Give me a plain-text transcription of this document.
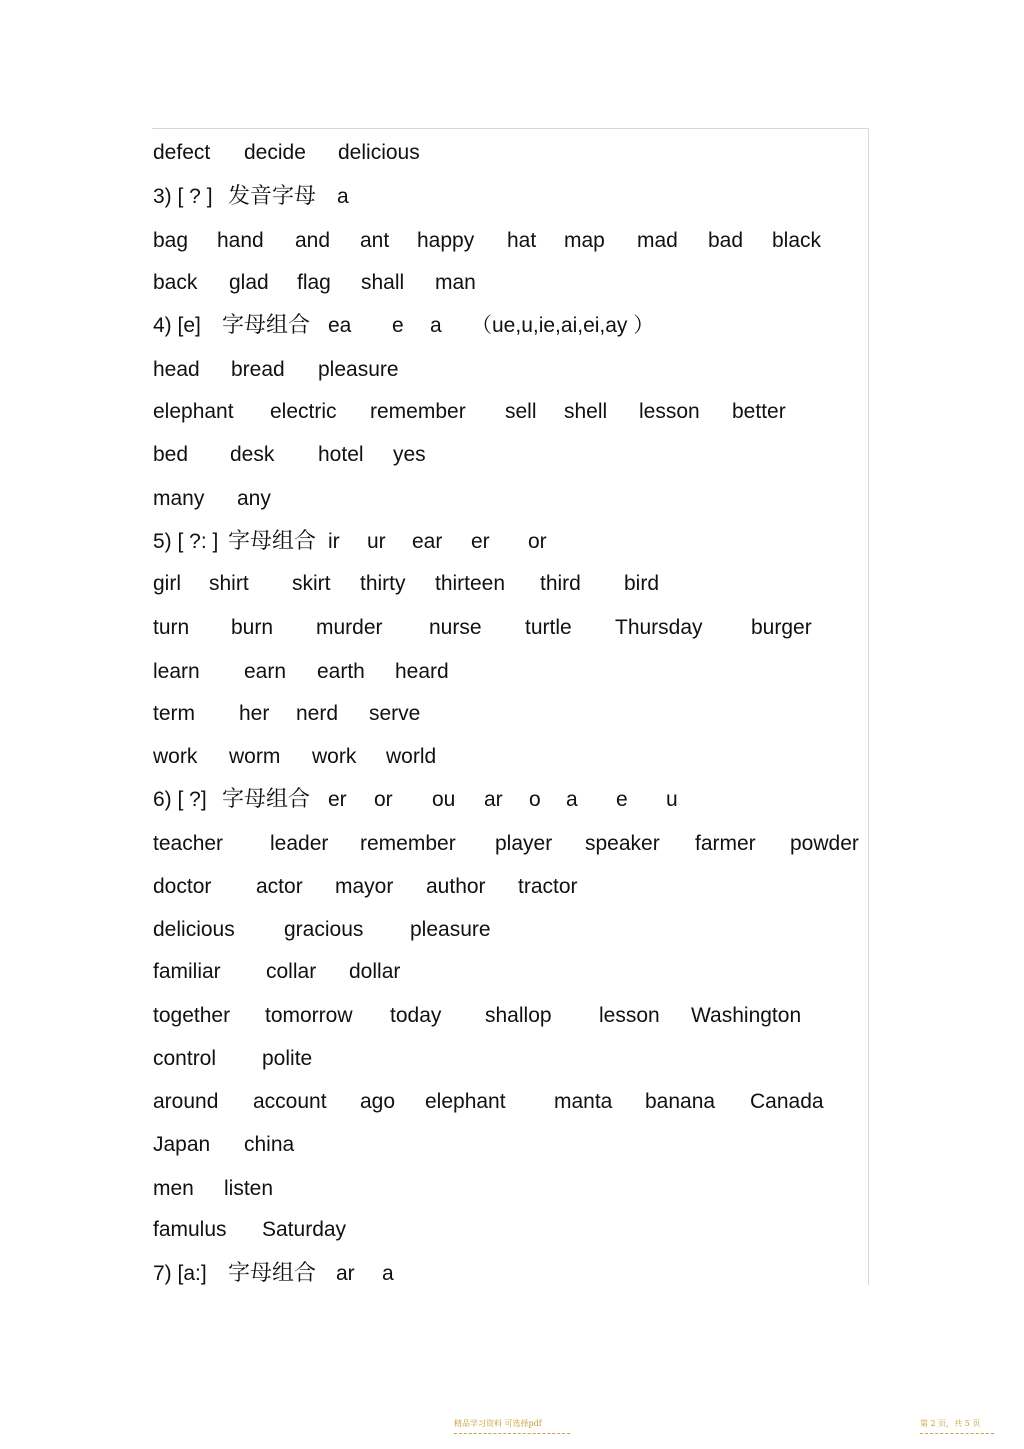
defect decide delicious
3) [ ? ] 发音字母 a
bag hand and ant happy hat map mad bad black
back glad flag shall man
4) [e] 字母组合 ea e a （ue,u,ie,ai,ei,ay ）
head bread pleasure
elephant electric remember sell shell lesson better
bed desk hotel yes
many any
5) [ ?: ] 字母组合 ir ur ear er or
girl shirt skirt thirty thirteen third bird
turn burn murder nurse turtle Thursday burger
learn earn earth heard
term her nerd serve
work worm work world
6) [ ?] 字母组合 er or ou ar o a e u
teacher leader remember player speaker farmer powder
doctor actor mayor author tractor
delicious gracious pleasure
familiar collar dollar
together tomorrow today shallop lesson Washington
control polite
around account ago elephant manta banana Canada
Japan china
men listen
famulus Saturday
7) [a:] 字母组合 ar a
精品学习资料 可选择pdf	第 2 页，共 5 页
